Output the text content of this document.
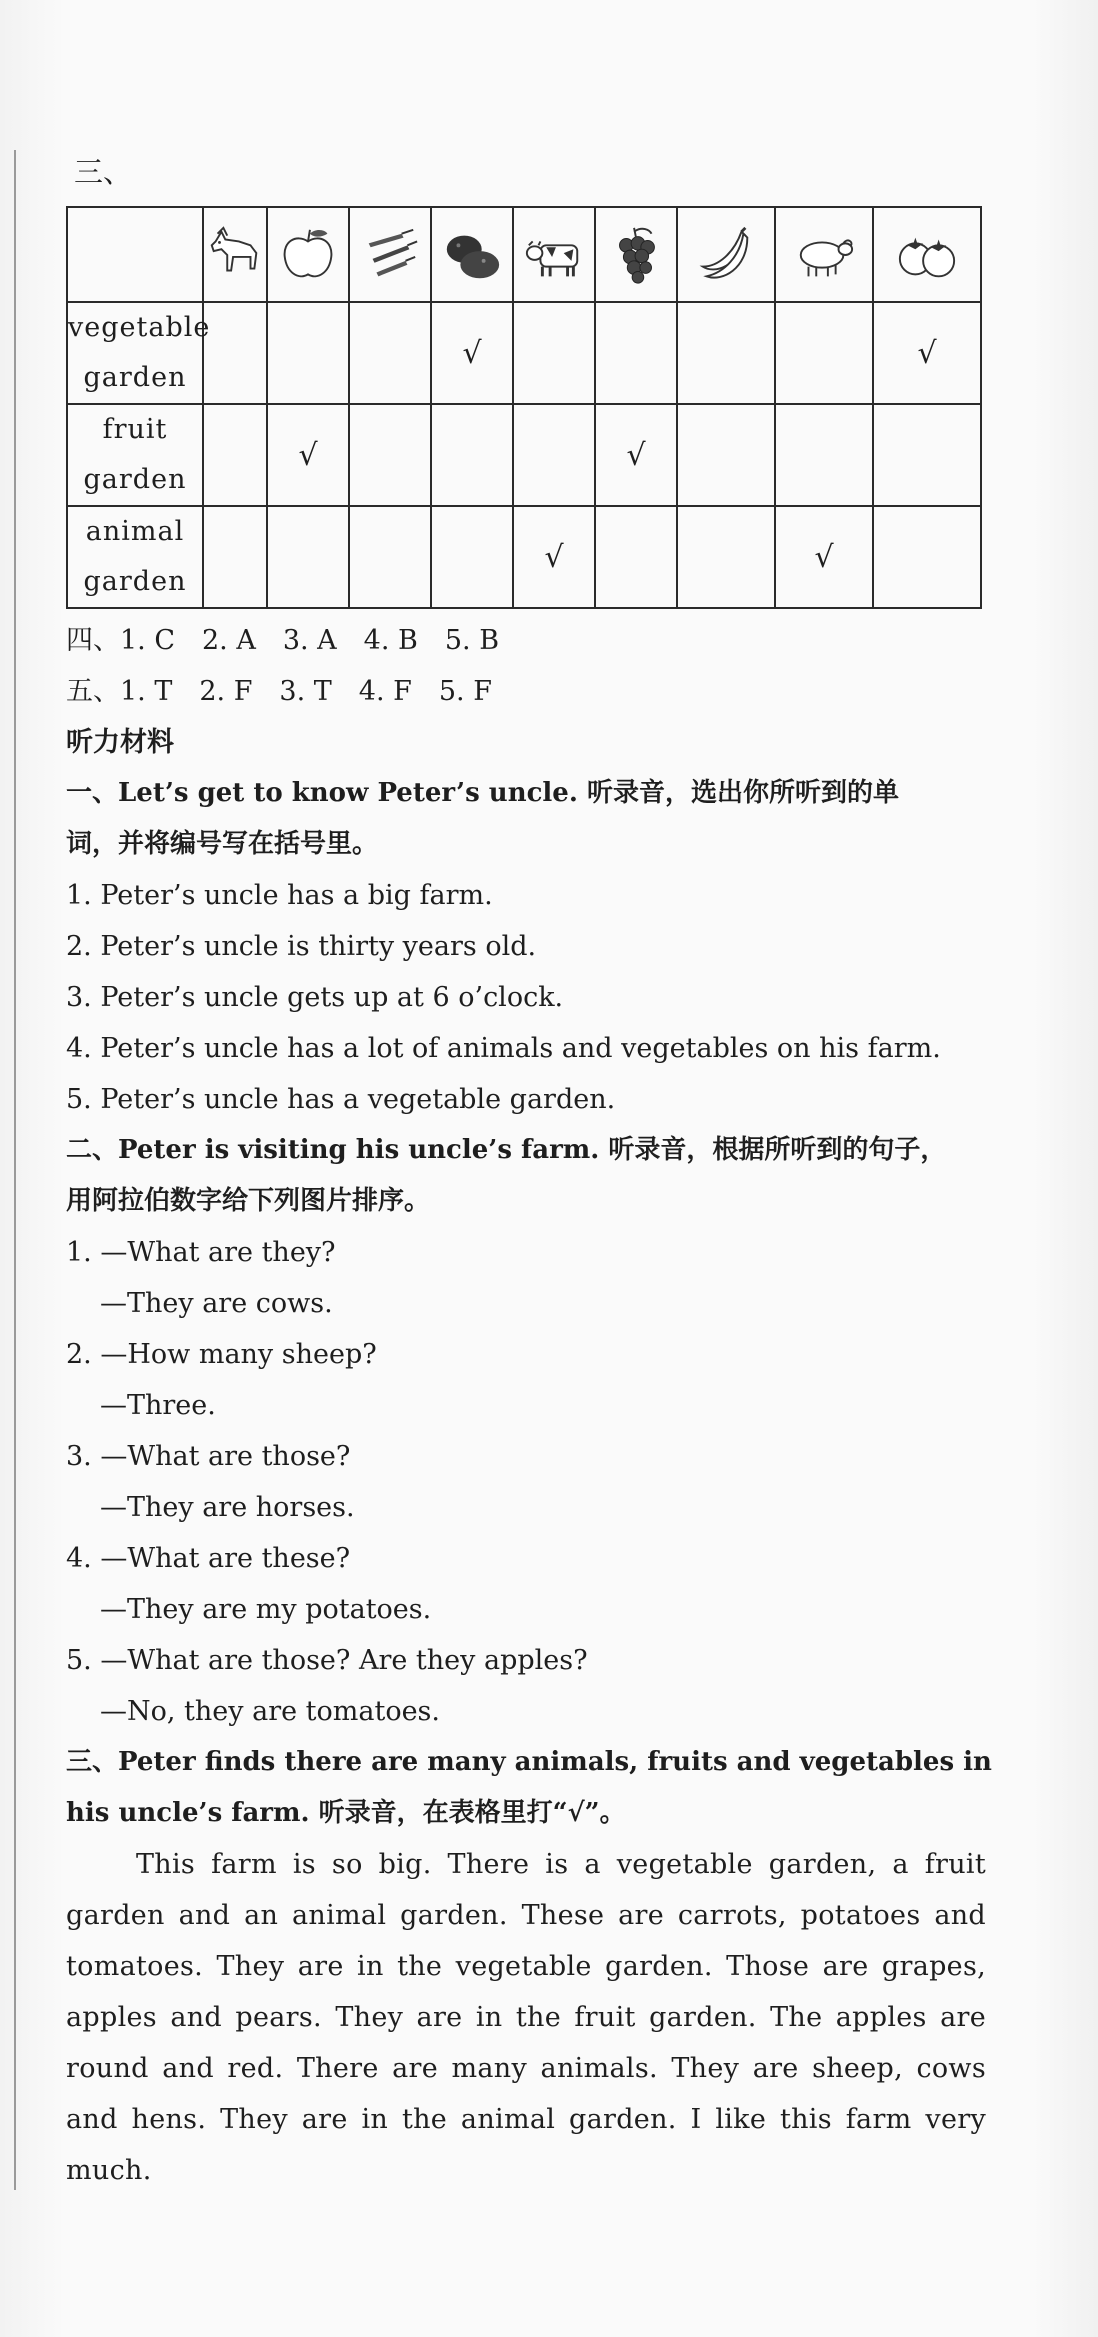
三、

vegetable
garden				√					√

fruit
garden		√				√			

animal
garden					√			√	
四、1. C　2. A　3. A　4. B　5. B
五、1. T　2. F　3. T　4. F　5. F
听力材料
一、Let’s get to know Peter’s uncle. 听录音，选出你所听到的单
词，并将编号写在括号里。
1. Peter’s uncle has a big farm.
2. Peter’s uncle is thirty years old.
3. Peter’s uncle gets up at 6 o’clock.
4. Peter’s uncle has a lot of animals and vegetables on his farm.
5. Peter’s uncle has a vegetable garden.
二、Peter is visiting his uncle’s farm. 听录音，根据所听到的句子，
用阿拉伯数字给下列图片排序。
1. —What are they?
—They are cows.
2. —How many sheep?
—Three.
3. —What are those?
—They are horses.
4. —What are these?
—They are my potatoes.
5. —What are those? Are they apples?
—No, they are tomatoes.
三、Peter finds there are many animals, fruits and vegetables in
his uncle’s farm. 听录音，在表格里打“√”。
This farm is so big. There is a vegetable garden, a fruit garden and an animal garden. These are carrots, potatoes and tomatoes. They are in the vegetable garden. Those are grapes, apples and pears. They are in the fruit garden. The apples are round and red. There are many animals. They are sheep, cows and hens. They are in the animal garden. I like this farm very much.
